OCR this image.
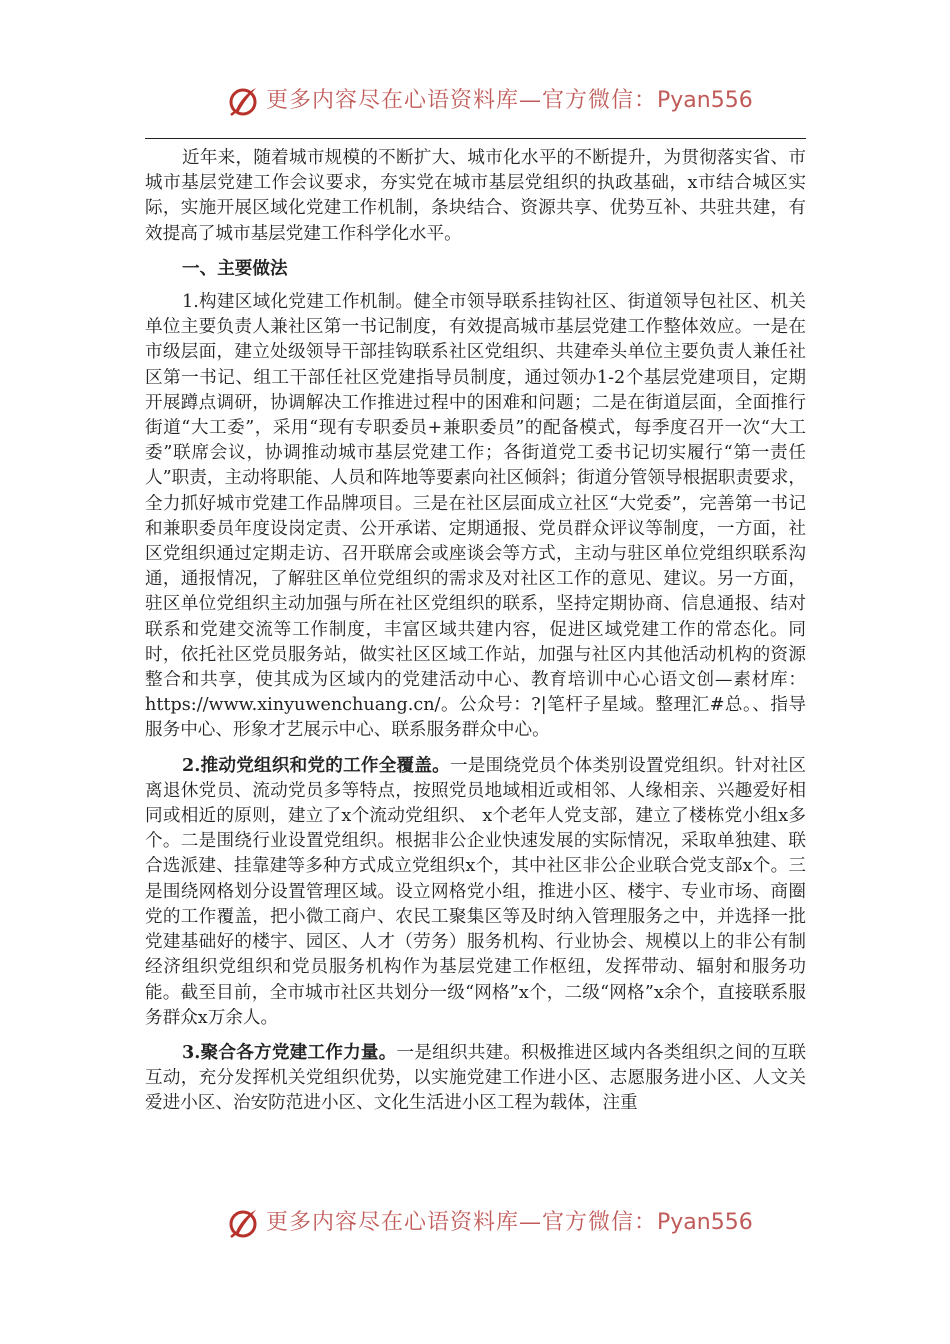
更多内容尽在心语资料库—官方微信：Pyan556

近年来，随着城市规模的不断扩大、城市化水平的不断提升，为贯彻落实省、市城市基层党建工作会议要求，夯实党在城市基层党组织的执政基础，x市结合城区实际，实施开展区域化党建工作机制，条块结合、资源共享、优势互补、共驻共建，有效提高了城市基层党建工作科学化水平。

一、主要做法

1.构建区域化党建工作机制。健全市领导联系挂钩社区、街道领导包社区、机关单位主要负责人兼社区第一书记制度，有效提高城市基层党建工作整体效应。一是在市级层面，建立处级领导干部挂钩联系社区党组织、共建牵头单位主要负责人兼任社区第一书记、组工干部任社区党建指导员制度，通过领办1-2个基层党建项目，定期开展蹲点调研，协调解决工作推进过程中的困难和问题；二是在街道层面，全面推行街道“大工委”，采用“现有专职委员+兼职委员”的配备模式，每季度召开一次“大工委”联席会议，协调推动城市基层党建工作；各街道党工委书记切实履行“第一责任人”职责，主动将职能、人员和阵地等要素向社区倾斜；街道分管领导根据职责要求，全力抓好城市党建工作品牌项目。三是在社区层面成立社区“大党委”，完善第一书记和兼职委员年度设岗定责、公开承诺、定期通报、党员群众评议等制度，一方面，社区党组织通过定期走访、召开联席会或座谈会等方式，主动与驻区单位党组织联系沟通，通报情况，了解驻区单位党组织的需求及对社区工作的意见、建议。另一方面，驻区单位党组织主动加强与所在社区党组织的联系，坚持定期协商、信息通报、结对联系和党建交流等工作制度，丰富区域共建内容，促进区域党建工作的常态化。同时，依托社区党员服务站，做实社区区域工作站，加强与社区内其他活动机构的资源整合和共享，使其成为区域内的党建活动中心、教育培训中心心语文创—素材库：https://www.xinyuwenchuang.cn/。公众号：?|笔杆子星域。整理汇#总。、指导服务中心、形象才艺展示中心、联系服务群众中心。

2.推动党组织和党的工作全覆盖。一是围绕党员个体类别设置党组织。针对社区离退休党员、流动党员多等特点，按照党员地域相近或相邻、人缘相亲、兴趣爱好相同或相近的原则，建立了x个流动党组织、 x个老年人党支部，建立了楼栋党小组x多个。二是围绕行业设置党组织。根据非公企业快速发展的实际情况，采取单独建、联合选派建、挂靠建等多种方式成立党组织x个，其中社区非公企业联合党支部x个。三是围绕网格划分设置管理区域。设立网格党小组，推进小区、楼宇、专业市场、商圈党的工作覆盖，把小微工商户、农民工聚集区等及时纳入管理服务之中，并选择一批党建基础好的楼宇、园区、人才（劳务）服务机构、行业协会、规模以上的非公有制经济组织党组织和党员服务机构作为基层党建工作枢纽，发挥带动、辐射和服务功能。截至目前，全市城市社区共划分一级“网格”x个，二级“网格”x余个，直接联系服务群众x万余人。

3.聚合各方党建工作力量。一是组织共建。积极推进区域内各类组织之间的互联互动，充分发挥机关党组织优势，以实施党建工作进小区、志愿服务进小区、人文关爱进小区、治安防范进小区、文化生活进小区工程为载体，注重

更多内容尽在心语资料库—官方微信：Pyan556
